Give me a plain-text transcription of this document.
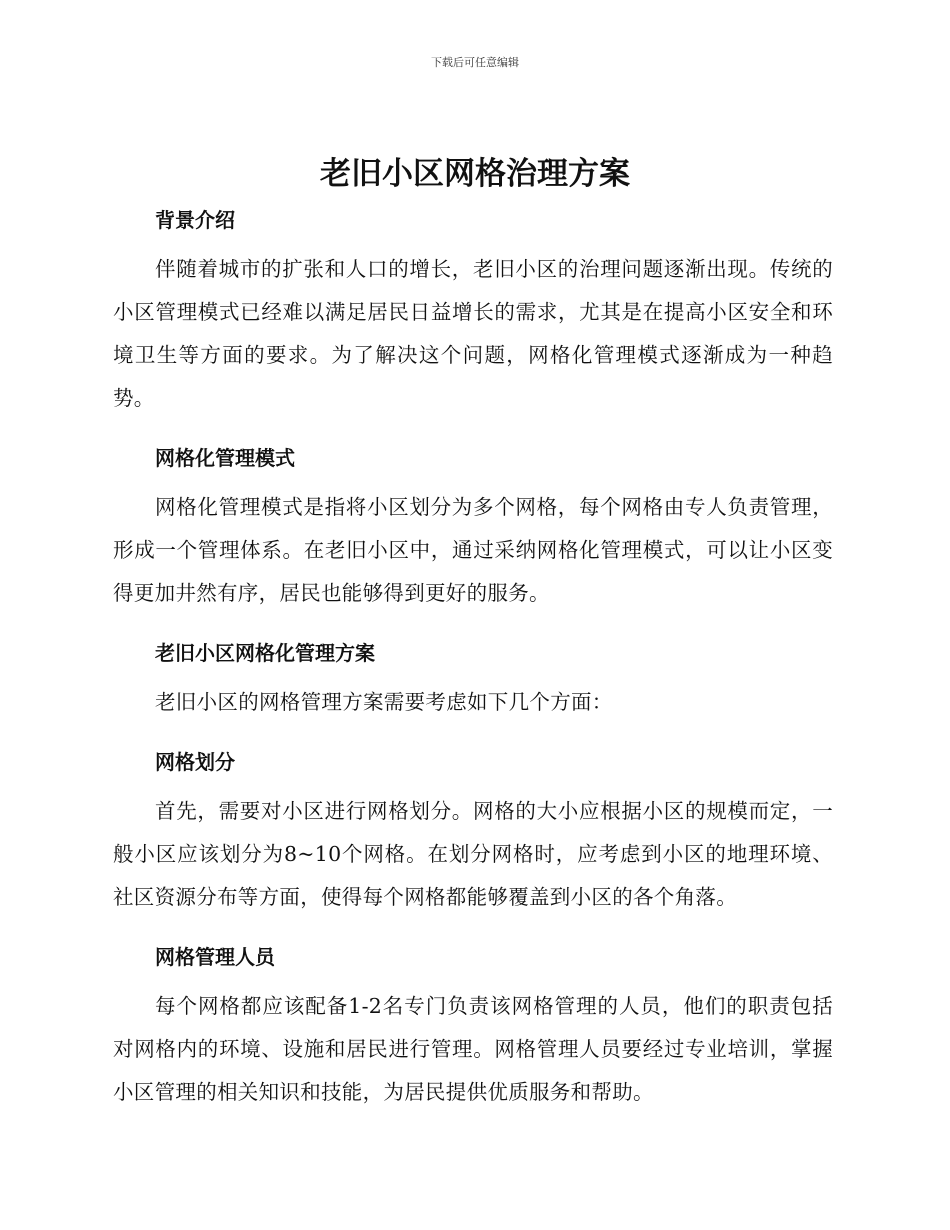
下载后可任意编辑
老旧小区网格治理方案
背景介绍

伴随着城市的扩张和人口的增长，老旧小区的治理问题逐渐出现。传统的小区管理模式已经难以满足居民日益增长的需求，尤其是在提高小区安全和环境卫生等方面的要求。为了解决这个问题，网格化管理模式逐渐成为一种趋势。

网格化管理模式

网格化管理模式是指将小区划分为多个网格，每个网格由专人负责管理，形成一个管理体系。在老旧小区中，通过采纳网格化管理模式，可以让小区变得更加井然有序，居民也能够得到更好的服务。

老旧小区网格化管理方案

老旧小区的网格管理方案需要考虑如下几个方面：

网格划分

首先，需要对小区进行网格划分。网格的大小应根据小区的规模而定，一般小区应该划分为8~10个网格。在划分网格时，应考虑到小区的地理环境、社区资源分布等方面，使得每个网格都能够覆盖到小区的各个角落。

网格管理人员

每个网格都应该配备1-2名专门负责该网格管理的人员，他们的职责包括对网格内的环境、设施和居民进行管理。网格管理人员要经过专业培训，掌握小区管理的相关知识和技能，为居民提供优质服务和帮助。
